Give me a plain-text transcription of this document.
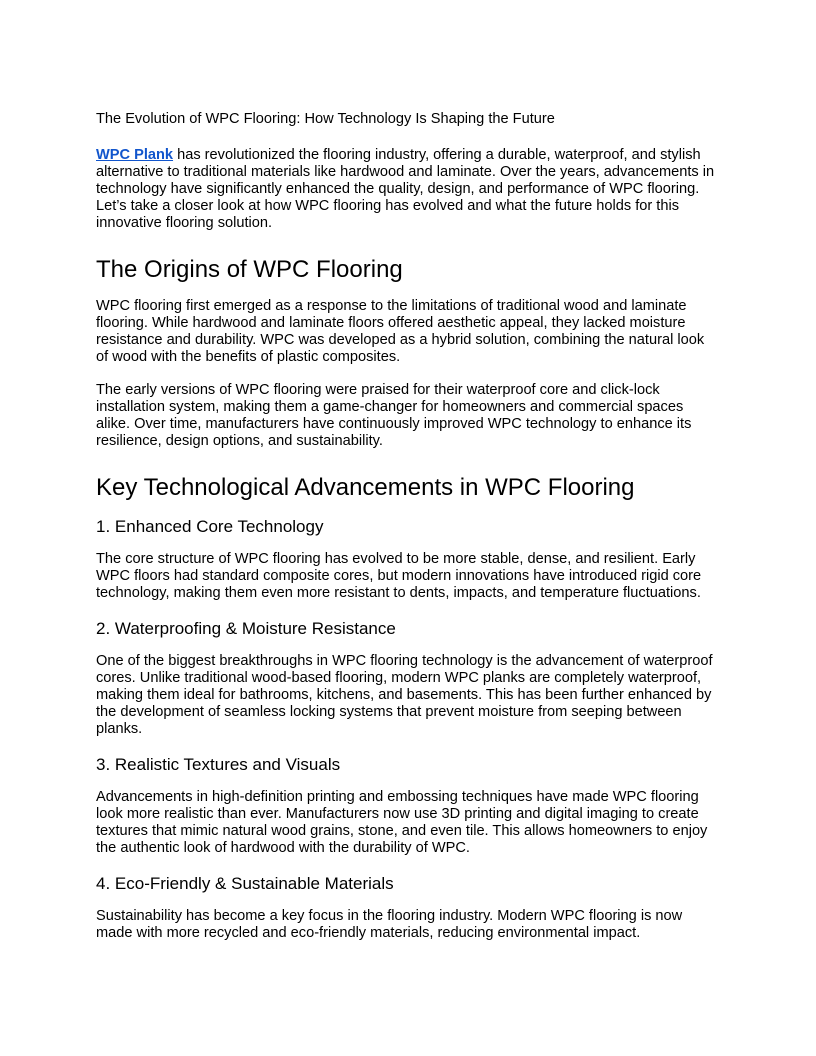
The Evolution of WPC Flooring: How Technology Is Shaping the Future

WPC Plank has revolutionized the flooring industry, offering a durable, waterproof, and stylish alternative to traditional materials like hardwood and laminate. Over the years, advancements in technology have significantly enhanced the quality, design, and performance of WPC flooring. Let’s take a closer look at how WPC flooring has evolved and what the future holds for this innovative flooring solution.

The Origins of WPC Flooring

WPC flooring first emerged as a response to the limitations of traditional wood and laminate flooring. While hardwood and laminate floors offered aesthetic appeal, they lacked moisture resistance and durability. WPC was developed as a hybrid solution, combining the natural look of wood with the benefits of plastic composites.

The early versions of WPC flooring were praised for their waterproof core and click-lock installation system, making them a game-changer for homeowners and commercial spaces alike. Over time, manufacturers have continuously improved WPC technology to enhance its resilience, design options, and sustainability.

Key Technological Advancements in WPC Flooring
1. Enhanced Core Technology

The core structure of WPC flooring has evolved to be more stable, dense, and resilient. Early WPC floors had standard composite cores, but modern innovations have introduced rigid core technology, making them even more resistant to dents, impacts, and temperature fluctuations.

2. Waterproofing & Moisture Resistance

One of the biggest breakthroughs in WPC flooring technology is the advancement of waterproof cores. Unlike traditional wood-based flooring, modern WPC planks are completely waterproof, making them ideal for bathrooms, kitchens, and basements. This has been further enhanced by the development of seamless locking systems that prevent moisture from seeping between planks.

3. Realistic Textures and Visuals

Advancements in high-definition printing and embossing techniques have made WPC flooring look more realistic than ever. Manufacturers now use 3D printing and digital imaging to create textures that mimic natural wood grains, stone, and even tile. This allows homeowners to enjoy the authentic look of hardwood with the durability of WPC.

4. Eco-Friendly & Sustainable Materials

Sustainability has become a key focus in the flooring industry. Modern WPC flooring is now made with more recycled and eco-friendly materials, reducing environmental impact.
